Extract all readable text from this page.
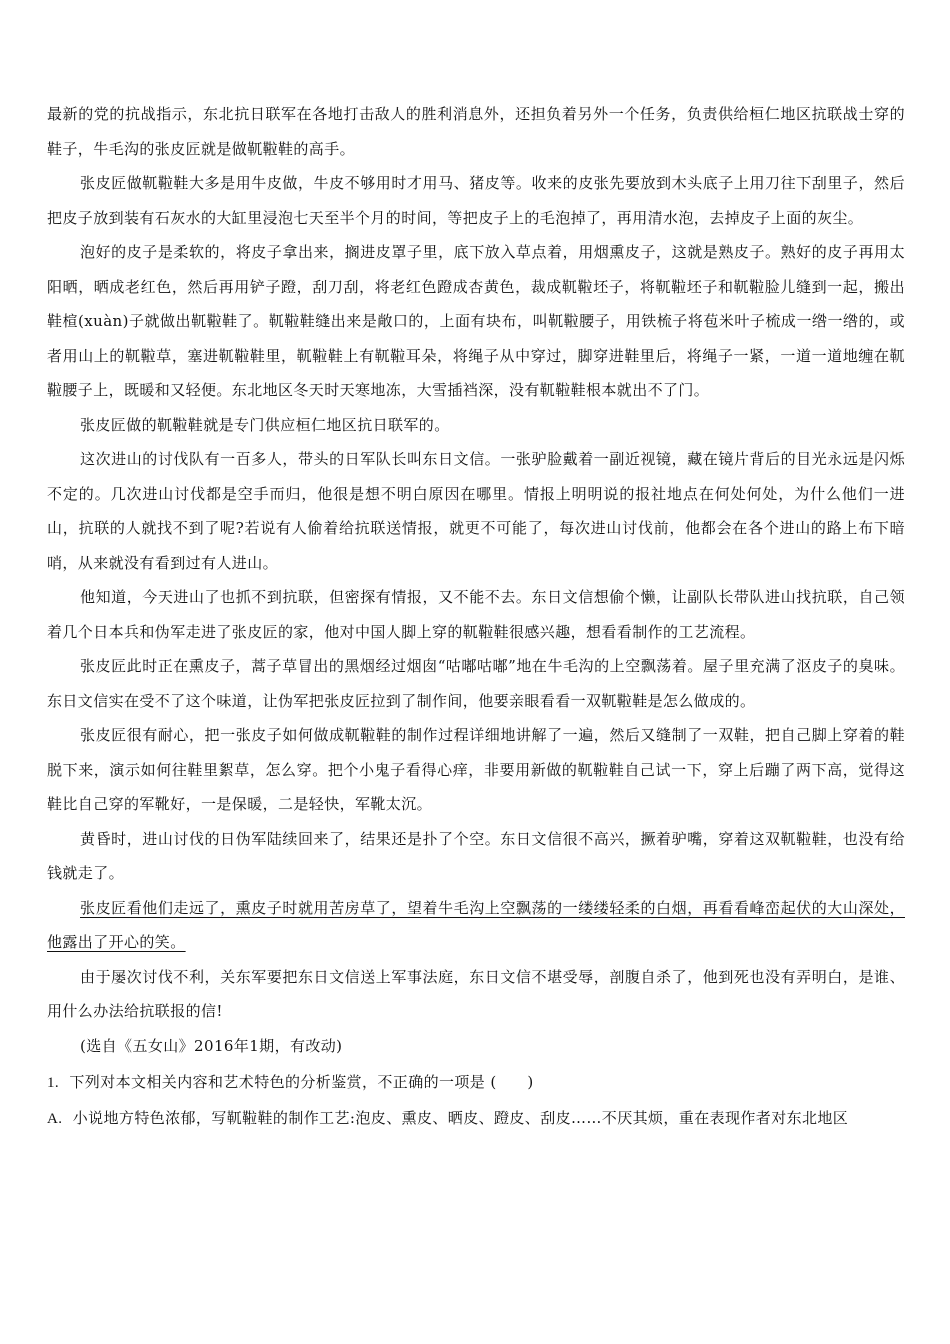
最新的党的抗战指示，东北抗日联军在各地打击敌人的胜利消息外，还担负着另外一个任务，负责供给桓仁地区抗联战士穿的鞋子，牛毛沟的张皮匠就是做靰鞡鞋的高手。

张皮匠做靰鞡鞋大多是用牛皮做，牛皮不够用时才用马、猪皮等。收来的皮张先要放到木头底子上用刀往下刮里子，然后把皮子放到装有石灰水的大缸里浸泡七天至半个月的时间，等把皮子上的毛泡掉了，再用清水泡，去掉皮子上面的灰尘。

泡好的皮子是柔软的，将皮子拿出来，搁进皮罩子里，底下放入草点着，用烟熏皮子，这就是熟皮子。熟好的皮子再用太阳晒，晒成老红色，然后再用铲子蹬，刮刀刮，将老红色蹬成杏黄色，裁成靰鞡坯子，将靰鞡坯子和靰鞡脸儿缝到一起，搬出鞋楦(xuàn)子就做出靰鞡鞋了。靰鞡鞋缝出来是敞口的，上面有块布，叫靰鞡腰子，用铁梳子将苞米叶子梳成一绺一绺的，或者用山上的靰鞡草，塞进靰鞡鞋里，靰鞡鞋上有靰鞡耳朵，将绳子从中穿过，脚穿进鞋里后，将绳子一紧，一道一道地缠在靰鞡腰子上，既暖和又轻便。东北地区冬天时天寒地冻，大雪插裆深，没有靰鞡鞋根本就出不了门。

张皮匠做的靰鞡鞋就是专门供应桓仁地区抗日联军的。

这次进山的讨伐队有一百多人，带头的日军队长叫东日文信。一张驴脸戴着一副近视镜，藏在镜片背后的目光永远是闪烁不定的。几次进山讨伐都是空手而归，他很是想不明白原因在哪里。情报上明明说的报社地点在何处何处，为什么他们一进山，抗联的人就找不到了呢?若说有人偷着给抗联送情报，就更不可能了，每次进山讨伐前，他都会在各个进山的路上布下暗哨，从来就没有看到过有人进山。

他知道，今天进山了也抓不到抗联，但密探有情报，又不能不去。东日文信想偷个懒，让副队长带队进山找抗联，自己领着几个日本兵和伪军走进了张皮匠的家，他对中国人脚上穿的靰鞡鞋很感兴趣，想看看制作的工艺流程。

张皮匠此时正在熏皮子，蒿子草冒出的黑烟经过烟囱“咕嘟咕嘟”地在牛毛沟的上空飘荡着。屋子里充满了沤皮子的臭味。东日文信实在受不了这个味道，让伪军把张皮匠拉到了制作间，他要亲眼看看一双靰鞡鞋是怎么做成的。

张皮匠很有耐心，把一张皮子如何做成靰鞡鞋的制作过程详细地讲解了一遍，然后又缝制了一双鞋，把自己脚上穿着的鞋脱下来，演示如何往鞋里絮草，怎么穿。把个小鬼子看得心痒，非要用新做的靰鞡鞋自己试一下，穿上后蹦了两下高，觉得这鞋比自己穿的军靴好，一是保暖，二是轻快，军靴太沉。

黄昏时，进山讨伐的日伪军陆续回来了，结果还是扑了个空。东日文信很不高兴，撅着驴嘴，穿着这双靰鞡鞋，也没有给钱就走了。

张皮匠看他们走远了，熏皮子时就用苦房草了，望着牛毛沟上空飘荡的一缕缕轻柔的白烟，再看看峰峦起伏的大山深处，他露出了开心的笑。

由于屡次讨伐不利，关东军要把东日文信送上军事法庭，东日文信不堪受辱，剖腹自杀了，他到死也没有弄明白，是谁、用什么办法给抗联报的信!

(选自《五女山》2016年1期，有改动)

1. 下列对本文相关内容和艺术特色的分析鉴赏，不正确的一项是 (　　)

A. 小说地方特色浓郁，写靰鞡鞋的制作工艺:泡皮、熏皮、晒皮、蹬皮、刮皮……不厌其烦，重在表现作者对东北地区
